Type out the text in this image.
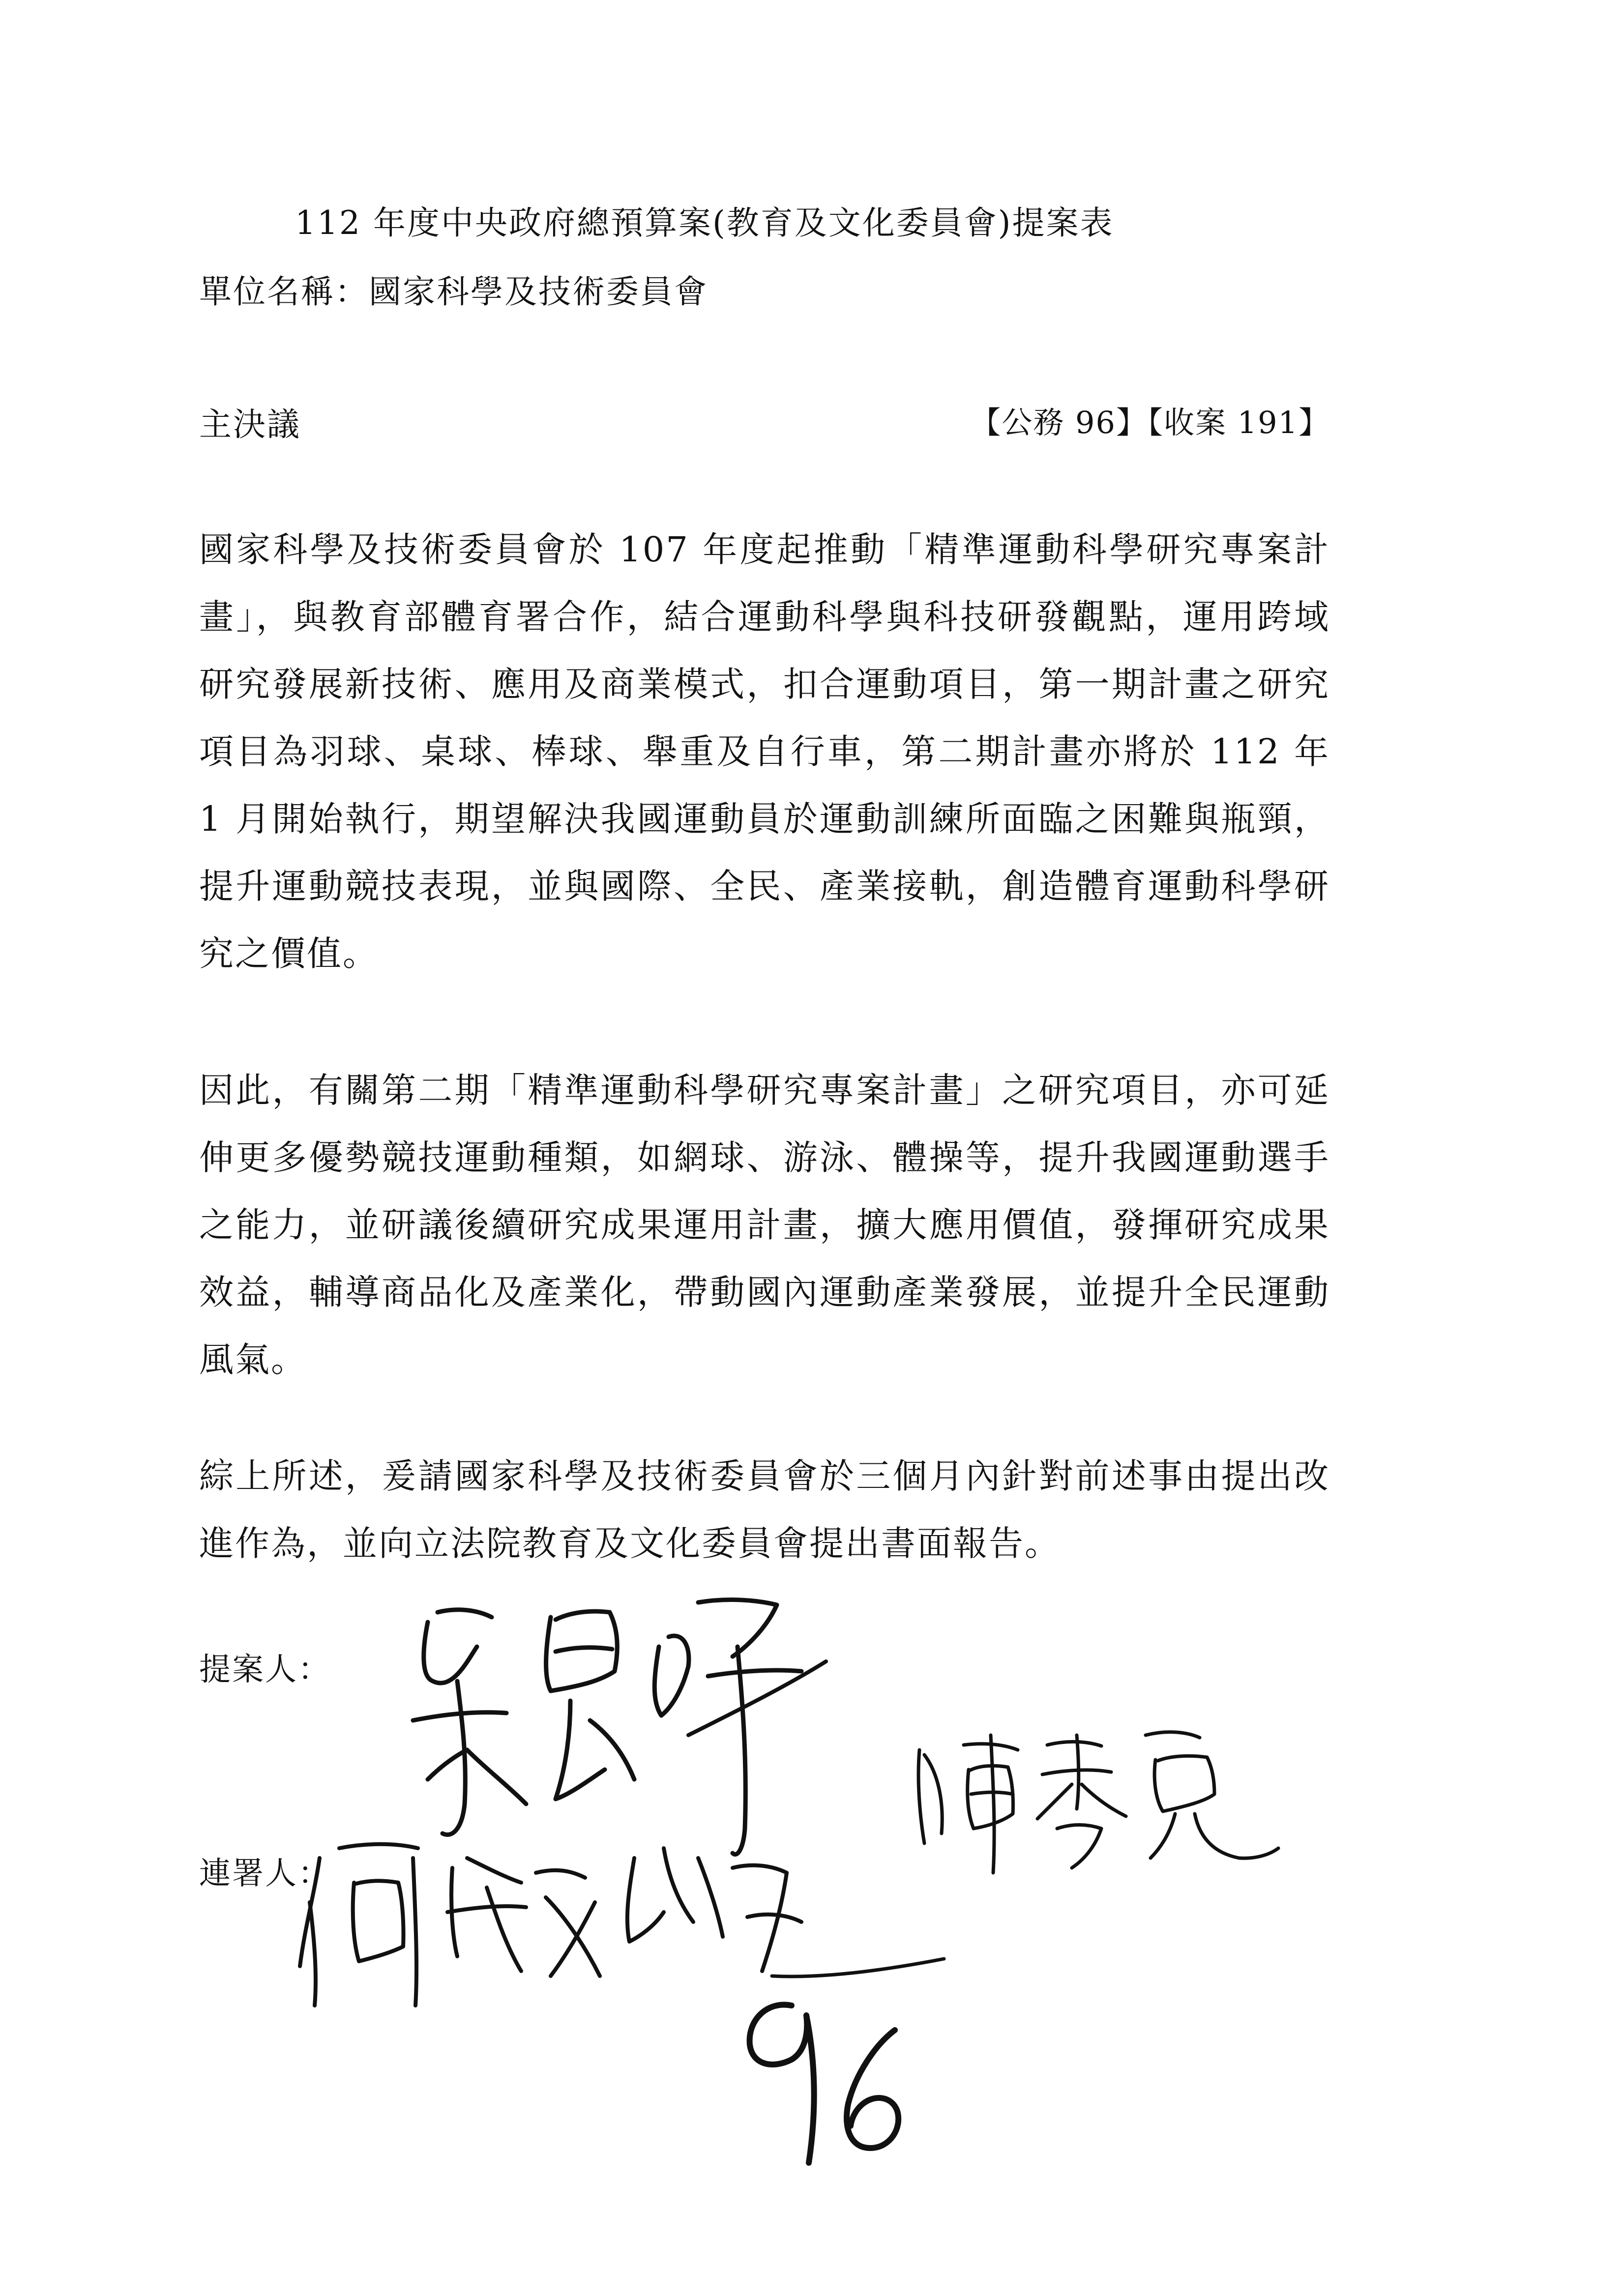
112 年度中央政府總預算案(教育及文化委員會)提案表
單位名稱：國家科學及技術委員會
主決議	【公務 96】【收案 191】
國家科學及技術委員會於 107 年度起推動「精準運動科學研究專案計畫」，與教育部體育署合作，結合運動科學與科技研發觀點，運用跨域研究發展新技術、應用及商業模式，扣合運動項目，第一期計畫之研究項目為羽球、桌球、棒球、舉重及自行車，第二期計畫亦將於 112 年 1 月開始執行，期望解決我國運動員於運動訓練所面臨之困難與瓶頸，提升運動競技表現，並與國際、全民、產業接軌，創造體育運動科學研究之價值。
因此，有關第二期「精準運動科學研究專案計畫」之研究項目，亦可延伸更多優勢競技運動種類，如網球、游泳、體操等，提升我國運動選手之能力，並研議後續研究成果運用計畫，擴大應用價值，發揮研究成果效益，輔導商品化及產業化，帶動國內運動產業發展，並提升全民運動風氣。
綜上所述，爰請國家科學及技術委員會於三個月內針對前述事由提出改進作為，並向立法院教育及文化委員會提出書面報告。
提案人：
連署人：
